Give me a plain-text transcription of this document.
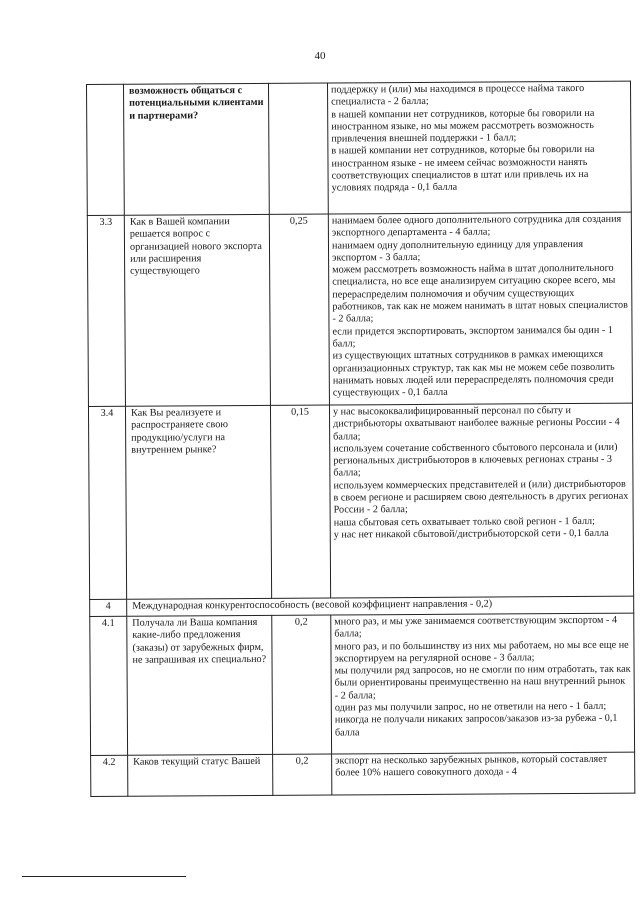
40
	возможность общаться с потенциальными клиентами и партнерами?		поддержку и (или) мы находимся в процессе найма такого специалиста - 2 балла;
в нашей компании нет сотрудников, которые бы говорили на иностранном языке, но мы можем рассмотреть возможность привлечения внешней поддержки - 1 балл;
в нашей компании нет сотрудников, которые бы говорили на иностранном языке - не имеем сейчас возможности нанять соответствующих специалистов в штат или привлечь их на условиях подряда - 0,1 балла

3.3	Как в Вашей компании решается вопрос с организацией нового экспорта или расширения существующего	0,25	нанимаем более одного дополнительного сотрудника для создания экспортного департамента - 4 балла;
нанимаем одну дополнительную единицу для управления экспортом - 3 балла;
можем рассмотреть возможность найма в штат дополнительного специалиста, но все еще анализируем ситуацию скорее всего, мы перераспределим полномочия и обучим существующих работников, так как не можем нанимать в штат новых специалистов - 2 балла;
если придется экспортировать, экспортом занимался бы один - 1 балл;
из существующих штатных сотрудников в рамках имеющихся организационных структур, так как мы не можем себе позволить нанимать новых людей или перераспределять полномочия среди существующих - 0,1 балла

3.4	Как Вы реализуете и распространяете свою продукцию/услуги на внутреннем рынке?	0,15	у нас высококвалифицированный персонал по сбыту и дистрибьюторы охватывают наиболее важные регионы России - 4 балла;
используем сочетание собственного сбытового персонала и (или) региональных дистрибьюторов в ключевых регионах страны - 3 балла;
используем коммерческих представителей и (или) дистрибьюторов в своем регионе и расширяем свою деятельность в других регионах России - 2 балла;
наша сбытовая сеть охватывает только свой регион - 1 балл;
у нас нет никакой сбытовой/дистрибьюторской сети - 0,1 балла

4	Международная конкурентоспособность (весовой коэффициент направления - 0,2)		
4.1	Получала ли Ваша компания какие-либо предложения (заказы) от зарубежных фирм, не запрашивая их специально?	0,2	много раз, и мы уже занимаемся соответствующим экспортом - 4 балла;
много раз, и по большинству из них мы работаем, но мы все еще не экспортируем на регулярной основе - 3 балла;
мы получили ряд запросов, но не смогли по ним отработать, так как были ориентированы преимущественно на наш внутренний рынок - 2 балла;
один раз мы получили запрос, но не ответили на него - 1 балл;
никогда не получали никаких запросов/заказов из-за рубежа - 0,1 балла

4.2	Каков текущий статус Вашей	0,2	экспорт на несколько зарубежных рынков, который составляет более 10% нашего совокупного дохода - 4
